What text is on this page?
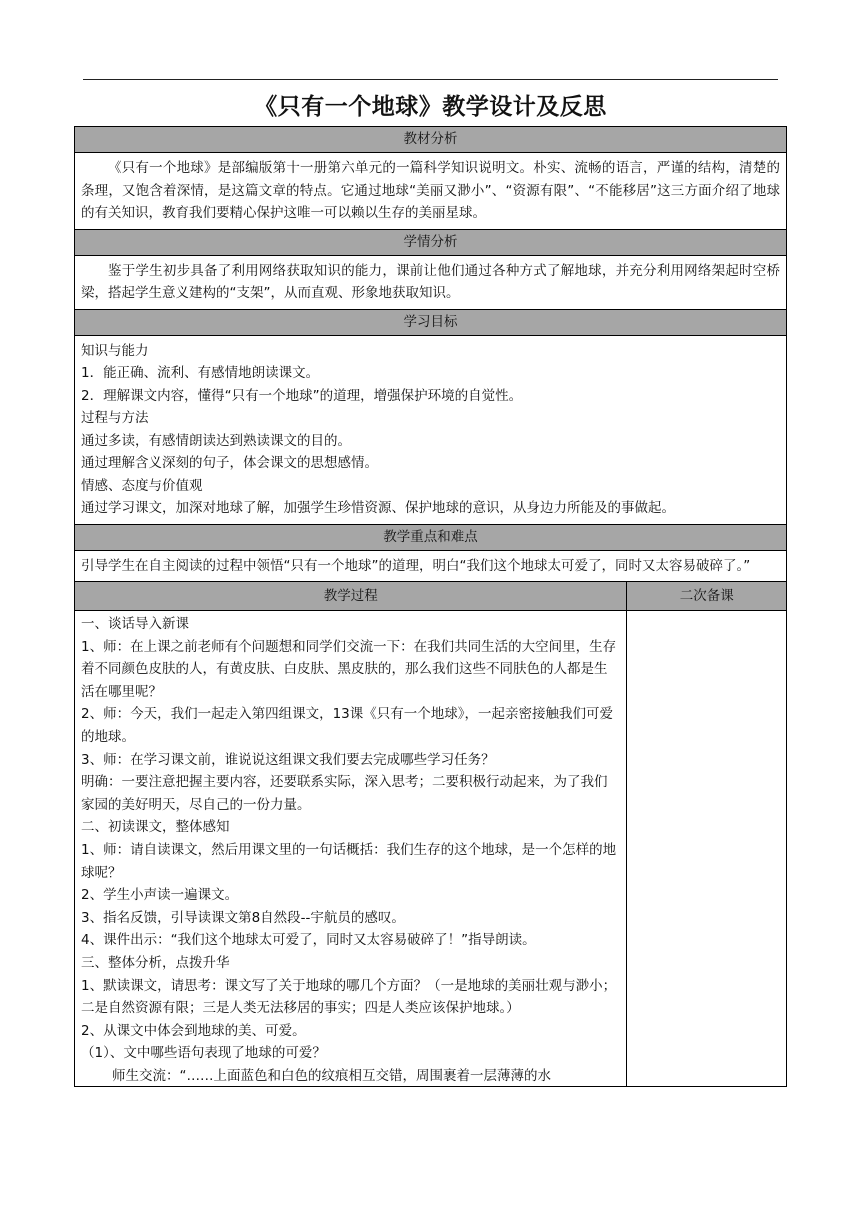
《只有一个地球》教学设计及反思
教材分析

《只有一个地球》是部编版第十一册第六单元的一篇科学知识说明文。朴实、流畅的语言，严谨的结构，清楚的条理，又饱含着深情，是这篇文章的特点。它通过地球“美丽又渺小”、“资源有限”、“不能移居”这三方面介绍了地球的有关知识，教育我们要精心保护这唯一可以赖以生存的美丽星球。

学情分析

鉴于学生初步具备了利用网络获取知识的能力，课前让他们通过各种方式了解地球，并充分利用网络架起时空桥梁，搭起学生意义建构的“支架”，从而直观、形象地获取知识。

学习目标

知识与能力

1．能正确、流利、有感情地朗读课文。

2．理解课文内容，懂得“只有一个地球”的道理，增强保护环境的自觉性。

过程与方法

通过多读，有感情朗读达到熟读课文的目的。

通过理解含义深刻的句子，体会课文的思想感情。

情感、态度与价值观

通过学习课文，加深对地球了解，加强学生珍惜资源、保护地球的意识，从身边力所能及的事做起。

教学重点和难点

引导学生在自主阅读的过程中领悟“只有一个地球”的道理，明白“我们这个地球太可爱了，同时又太容易破碎了。”

教学过程	二次备课

一、谈话导入新课

1、师：在上课之前老师有个问题想和同学们交流一下：在我们共同生活的大空间里，生存着不同颜色皮肤的人，有黄皮肤、白皮肤、黑皮肤的，那么我们这些不同肤色的人都是生活在哪里呢？

2、师：今天，我们一起走入第四组课文，13课《只有一个地球》，一起亲密接触我们可爱的地球。

3、师：在学习课文前，谁说说这组课文我们要去完成哪些学习任务？

明确：一要注意把握主要内容，还要联系实际，深入思考；二要积极行动起来，为了我们家园的美好明天，尽自己的一份力量。

二、初读课文，整体感知

1、师：请自读课文，然后用课文里的一句话概括：我们生存的这个地球，是一个怎样的地球呢？

2、学生小声读一遍课文。

3、指名反馈，引导读课文第8自然段--宇航员的感叹。

4、课件出示：“我们这个地球太可爱了，同时又太容易破碎了！”指导朗读。

三、整体分析，点拨升华

1、默读课文，请思考：课文写了关于地球的哪几个方面？（一是地球的美丽壮观与渺小；二是自然资源有限；三是人类无法移居的事实；四是人类应该保护地球。）

2、从课文中体会到地球的美、可爱。

（1）、文中哪些语句表现了地球的可爱？

师生交流：“……上面蓝色和白色的纹痕相互交错，周围裹着一层薄薄的水
